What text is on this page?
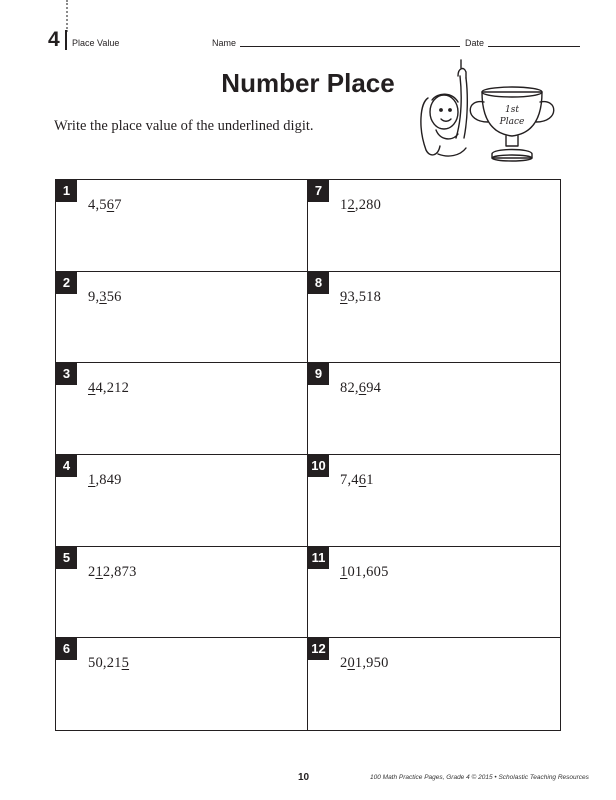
4 Place Value	Name	Date
Number Place
Write the place value of the underlined digit.
1st
Place
1
4,567
7
12,280
2
9,356
8
93,518
3
44,212
9
82,694
4
1,849
10
7,461
5
212,873
11
101,605
6
50,215
12
201,950
10	100 Math Practice Pages, Grade 4 © 2015 • Scholastic Teaching Resources
